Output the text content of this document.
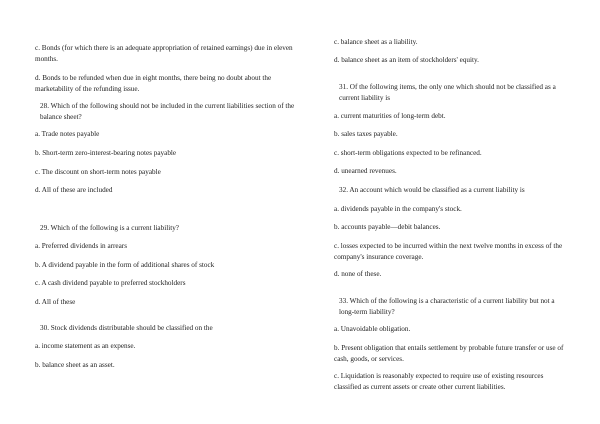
c. Bonds (for which there is an adequate appropriation of retained earnings) due in eleven months.

d. Bonds to be refunded when due in eight months, there being no doubt about the marketability of the refunding issue.

28. Which of the following should not be included in the current liabilities section of the balance sheet?

a. Trade notes payable

b. Short-term zero-interest-bearing notes payable

c. The discount on short-term notes payable

d. All of these are included

29. Which of the following is a current liability?

a. Preferred dividends in arrears

b. A dividend payable in the form of additional shares of stock

c. A cash dividend payable to preferred stockholders

d. All of these

30. Stock dividends distributable should be classified on the

a. income statement as an expense.

b. balance sheet as an asset.

c. balance sheet as a liability.

d. balance sheet as an item of stockholders' equity.

31. Of the following items, the only one which should not be classified as a current liability is

a. current maturities of long-term debt.

b. sales taxes payable.

c. short-term obligations expected to be refinanced.

d. unearned revenues.

32. An account which would be classified as a current liability is

a. dividends payable in the company's stock.

b. accounts payable—debit balances.

c. losses expected to be incurred within the next twelve months in excess of the company's insurance coverage.

d. none of these.

33. Which of the following is a characteristic of a current liability but not a long-term liability?

a. Unavoidable obligation.

b. Present obligation that entails settlement by probable future transfer or use of cash, goods, or services.

c. Liquidation is reasonably expected to require use of existing resources classified as current assets or create other current liabilities.
